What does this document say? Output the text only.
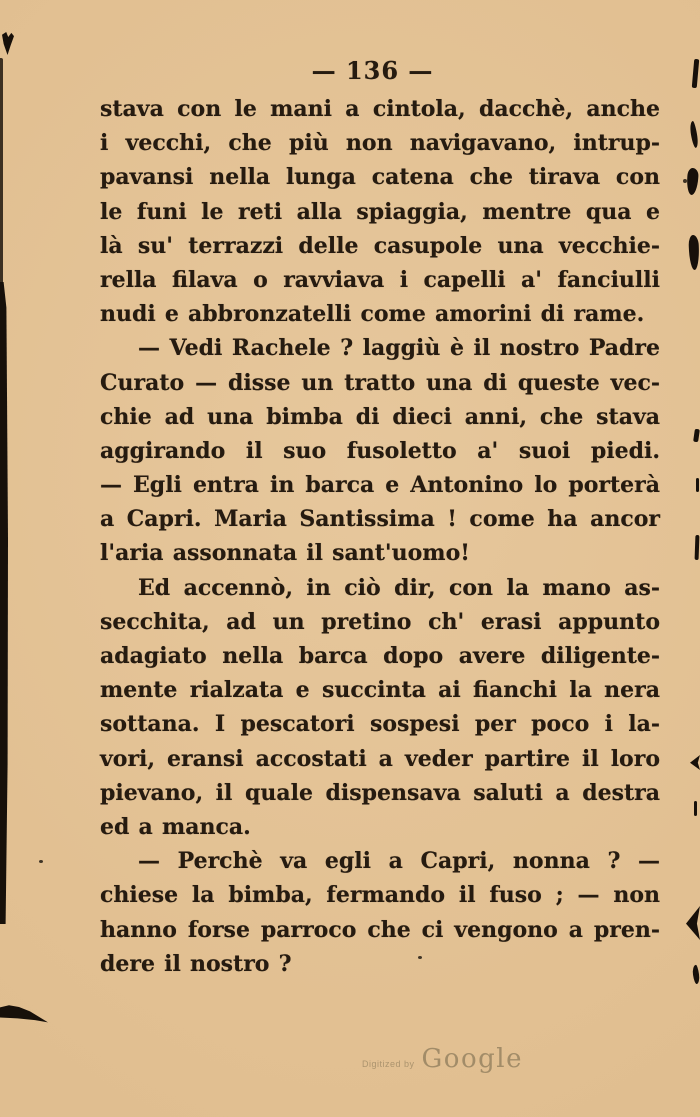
— 136 —
stava con le mani a cintola, dacchè, anche
i vecchi, che più non navigavano, intrup-
pavansi nella lunga catena che tirava con
le funi le reti alla spiaggia, mentre qua e
là su' terrazzi delle casupole una vecchie-
rella filava o ravviava i capelli a' fanciulli
nudi e abbronzatelli come amorini di rame.
— Vedi Rachele ? laggiù è il nostro Padre
Curato — disse un tratto una di queste vec-
chie ad una bimba di dieci anni, che stava
aggirando il suo fusoletto a' suoi piedi.
— Egli entra in barca e Antonino lo porterà
a Capri. Maria Santissima ! come ha ancor
l'aria assonnata il sant'uomo!
Ed accennò, in ciò dir, con la mano as-
secchita, ad un pretino ch' erasi appunto
adagiato nella barca dopo avere diligente-
mente rialzata e succinta ai fianchi la nera
sottana. I pescatori sospesi per poco i la-
vori, eransi accostati a veder partire il loro
pievano, il quale dispensava saluti a destra
ed a manca.
— Perchè va egli a Capri, nonna ? —
chiese la bimba, fermando il fuso ; — non
hanno forse parroco che ci vengono a pren-
dere il nostro ?
Digitized by Google
